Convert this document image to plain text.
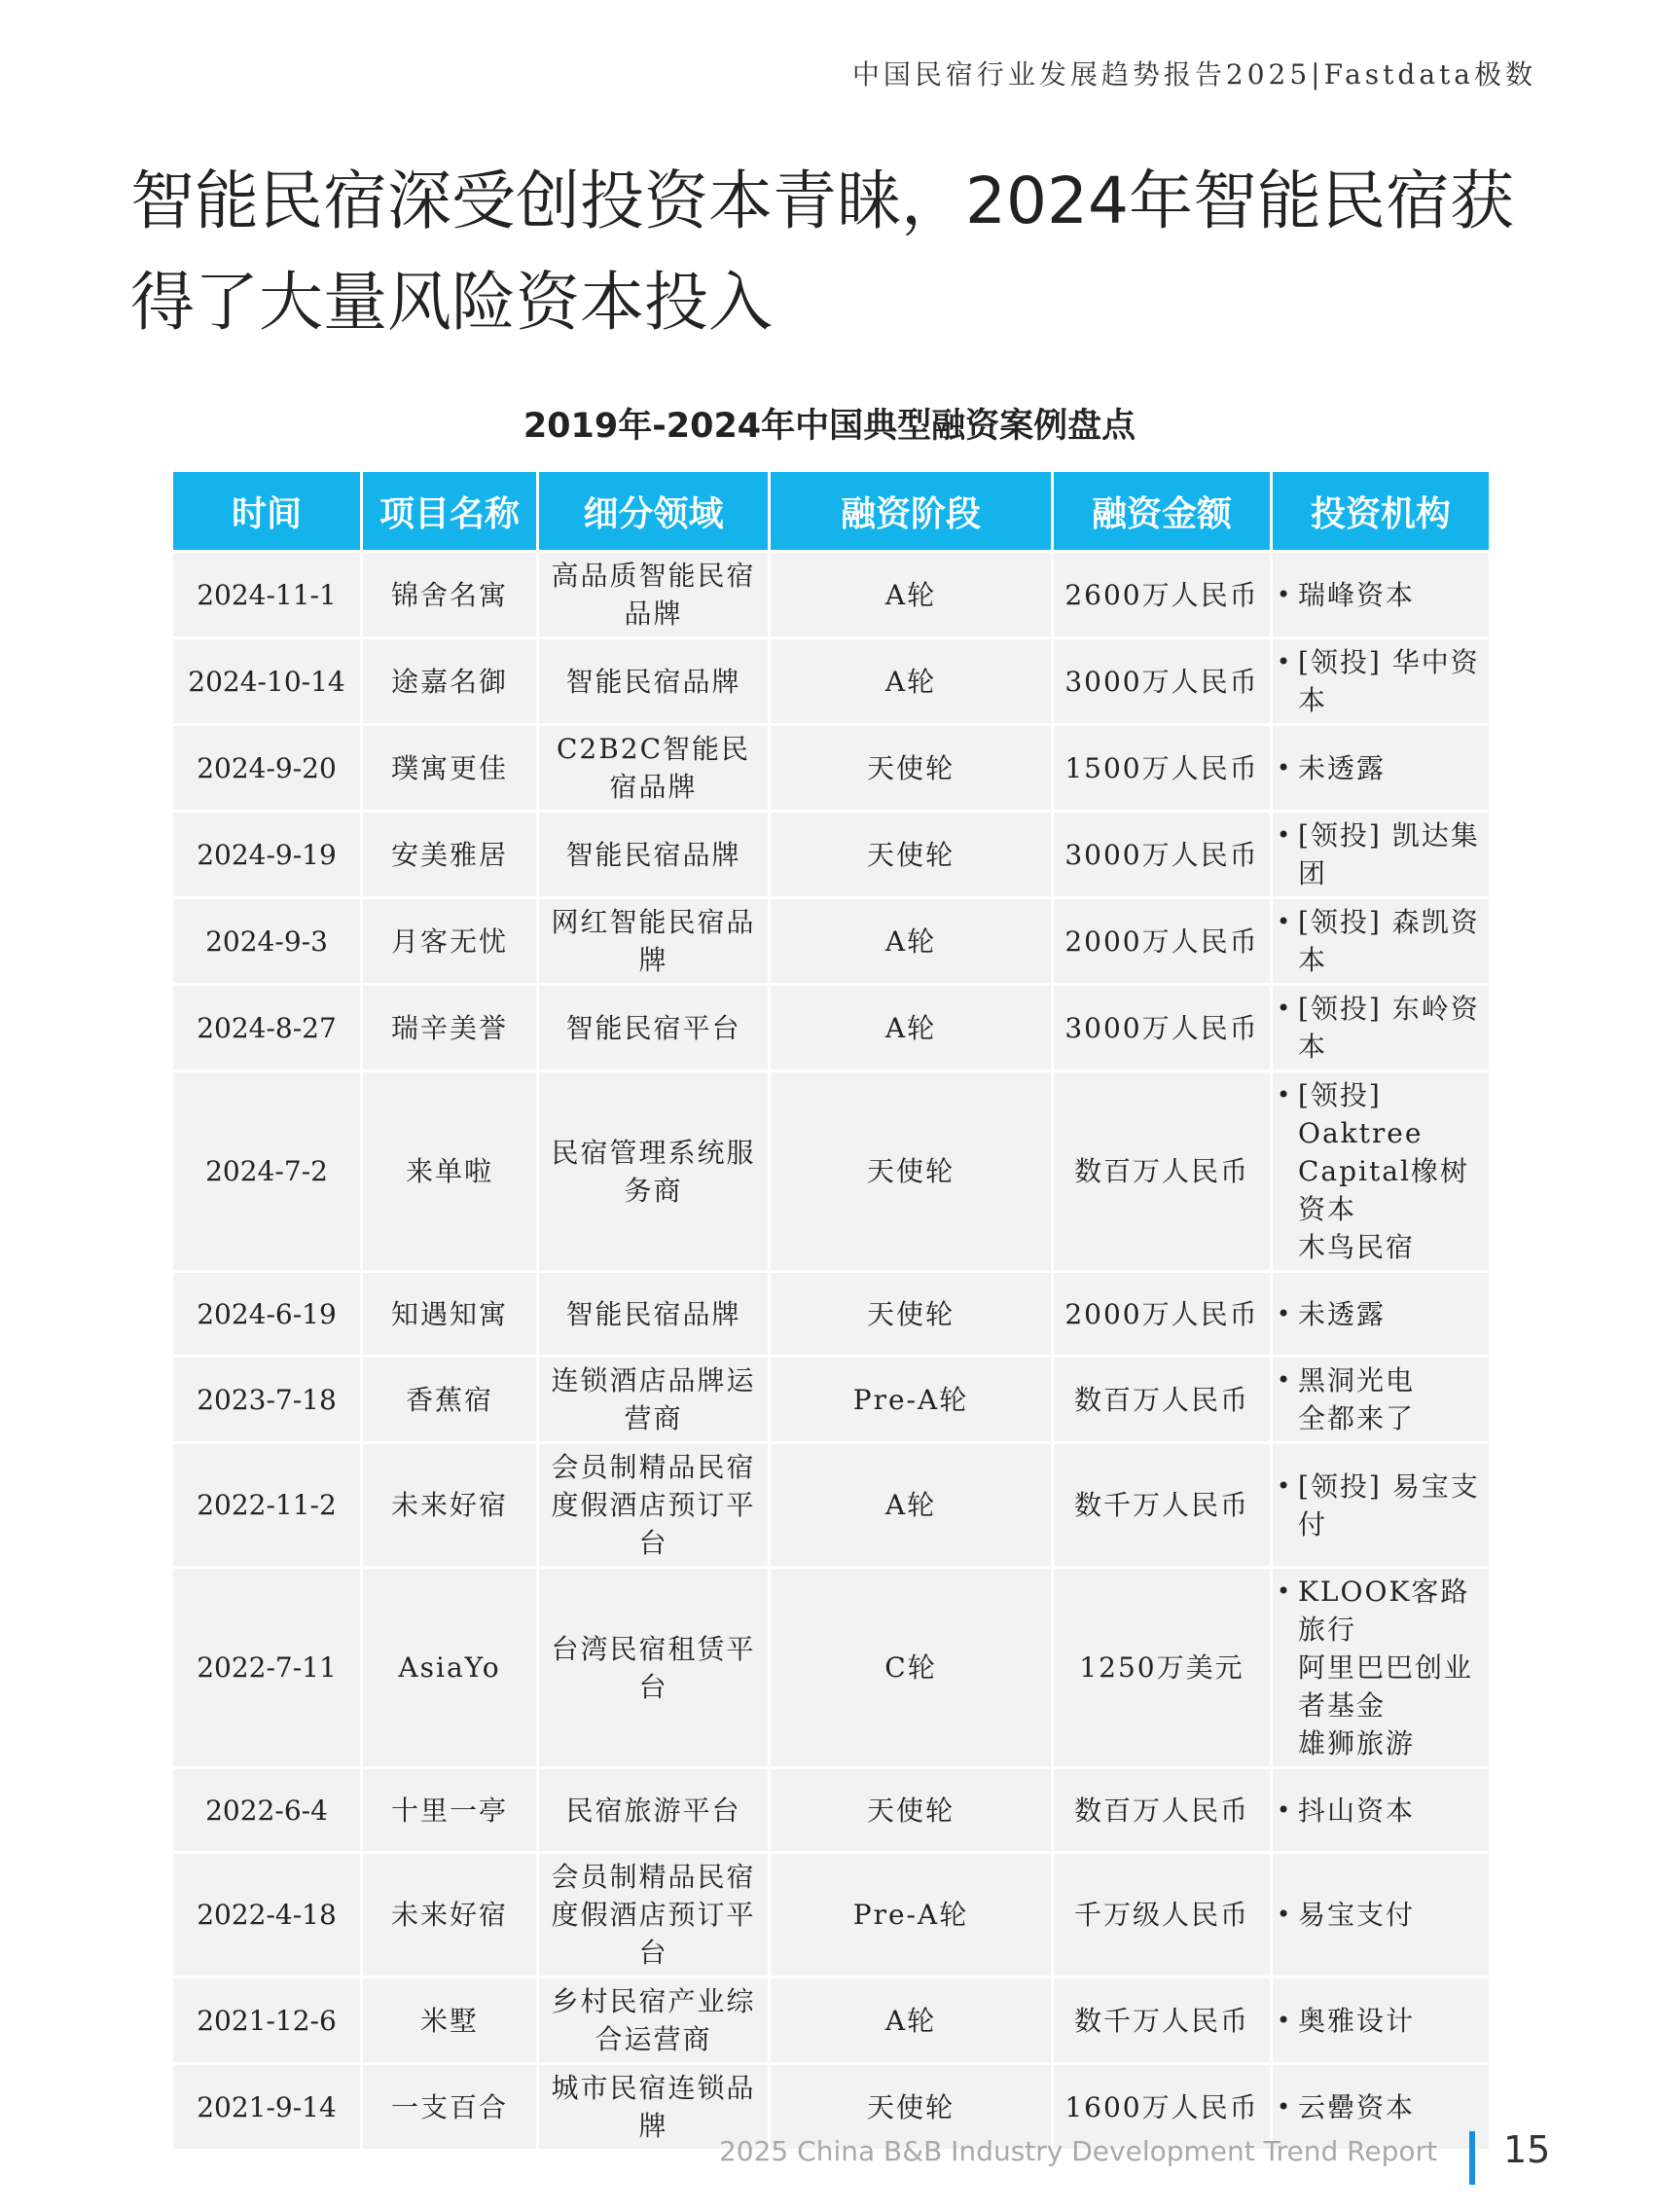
中国民宿行业发展趋势报告2025|Fastdata极数
智能民宿深受创投资本青睐，2024年智能民宿获得了大量风险资本投入
2019年-2024年中国典型融资案例盘点
时间	项目名称	细分领域	融资阶段	融资金额	投资机构
2024-11-1	锦舍名寓	高品质智能民宿品牌	A轮	2600万人民币	• 瑞峰资本

2024-10-14	途嘉名御	智能民宿品牌	A轮	3000万人民币	• [领投] 华中资本

2024-9-20	璞寓更佳	C2B2C智能民宿品牌	天使轮	1500万人民币	• 未透露

2024-9-19	安美雅居	智能民宿品牌	天使轮	3000万人民币	• [领投] 凯达集团

2024-9-3	月客无忧	网红智能民宿品牌	A轮	2000万人民币	• [领投] 森凯资本

2024-8-27	瑞辛美誉	智能民宿平台	A轮	3000万人民币	• [领投] 东岭资本

2024-7-2	来单啦	民宿管理系统服务商	天使轮	数百万人民币	• [领投] Oaktree Capital橡树资本
木鸟民宿

2024-6-19	知遇知寓	智能民宿品牌	天使轮	2000万人民币	• 未透露

2023-7-18	香蕉宿	连锁酒店品牌运营商	Pre-A轮	数百万人民币	• 黑洞光电
全都来了

2022-11-2	未来好宿	会员制精品民宿度假酒店预订平台	A轮	数千万人民币	• [领投] 易宝支付

2022-7-11	AsiaYo	台湾民宿租赁平台	C轮	1250万美元	• KLOOK客路旅行
阿里巴巴创业者基金
雄狮旅游

2022-6-4	十里一亭	民宿旅游平台	天使轮	数百万人民币	• 抖山资本

2022-4-18	未来好宿	会员制精品民宿度假酒店预订平台	Pre-A轮	千万级人民币	• 易宝支付

2021-12-6	米墅	乡村民宿产业综合运营商	A轮	数千万人民币	• 奥雅设计

2021-9-14	一支百合	城市民宿连锁品牌	天使轮	1600万人民币	• 云罍资本
2025 China B&B Industry Development Trend Report 15
